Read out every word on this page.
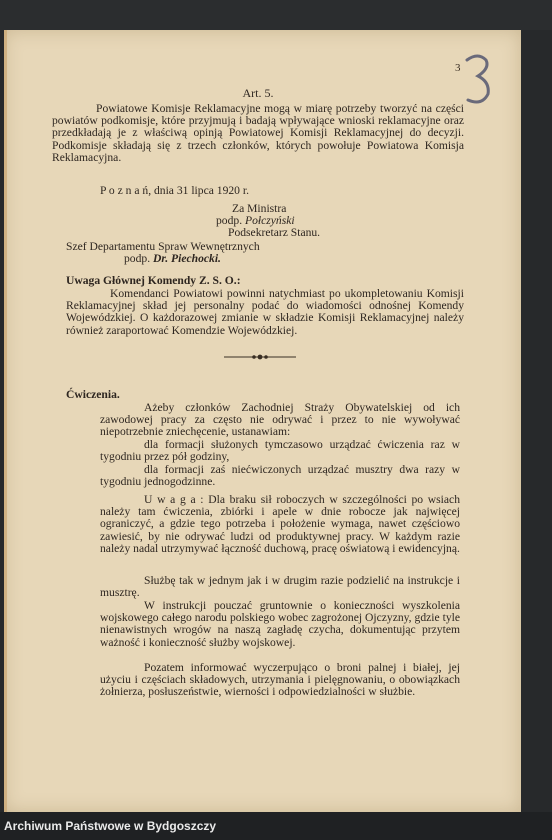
3
Art. 5.
Powiatowe Komisje Reklamacyjne mogą w miarę potrzeby tworzyć na części powiatów podkomisje, które przyjmują i badają wpływające wnioski reklamacyjne oraz przedkładają je z właściwą opinją Powiatowej Komisji Reklamacyjnej do decyzji. Podkomisje składają się z trzech członków, których powołuje Powiatowa Komisja Reklamacyjna.
P o z n a ń, dnia 31 lipca 1920 r.
Za Ministra
podp. Połczyński
Podsekretarz Stanu.
Szef Departamentu Spraw Wewnętrznych
podp. Dr. Piechocki.
Uwaga Głównej Komendy Z. S. O.:
Komendanci Powiatowi powinni natychmiast po ukompletowaniu Komisji Reklamacyjnej skład jej personalny podać do wiadomości odnośnej Komendy Wojewódzkiej. O każdorazowej zmianie w składzie Komisji Reklamacyjnej należy również zaraportować Komendzie Wojewódzkiej.
Ćwiczenia.
Ażeby członków Zachodniej Straży Obywatelskiej od ich zawodowej pracy za często nie odrywać i przez to nie wywoływać niepotrzebnie zniechęcenie, ustanawiam:
dla formacji służonych tymczasowo urządzać ćwiczenia raz w tygodniu przez pół godziny,
dla formacji zaś niećwiczonych urządzać musztry dwa razy w tygodniu jednogodzinne.
U w a g a : Dla braku sił roboczych w szczególności po wsiach należy tam ćwiczenia, zbiórki i apele w dnie robocze jak najwięcej ograniczyć, a gdzie tego potrzeba i położenie wymaga, nawet częściowo zawiesić, by nie odrywać ludzi od produktywnej pracy. W każdym razie należy nadal utrzymywać łączność duchową, pracę oświatową i ewidencyjną.
Służbę tak w jednym jak i w drugim razie podzielić na instrukcje i musztrę.
W instrukcji pouczać gruntownie o konieczności wyszkolenia wojskowego całego narodu polskiego wobec zagrożonej Ojczyzny, gdzie tyle nienawistnych wrogów na naszą zagładę czycha, dokumentując przytem ważność i konieczność służby wojskowej.
Pozatem informować wyczerpująco o broni palnej i białej, jej użyciu i częściach składowych, utrzymania i pielęgnowaniu, o obowiązkach żołnierza, posłuszeństwie, wierności i odpowiedzialności w służbie.
Archiwum Państwowe w Bydgoszczy
